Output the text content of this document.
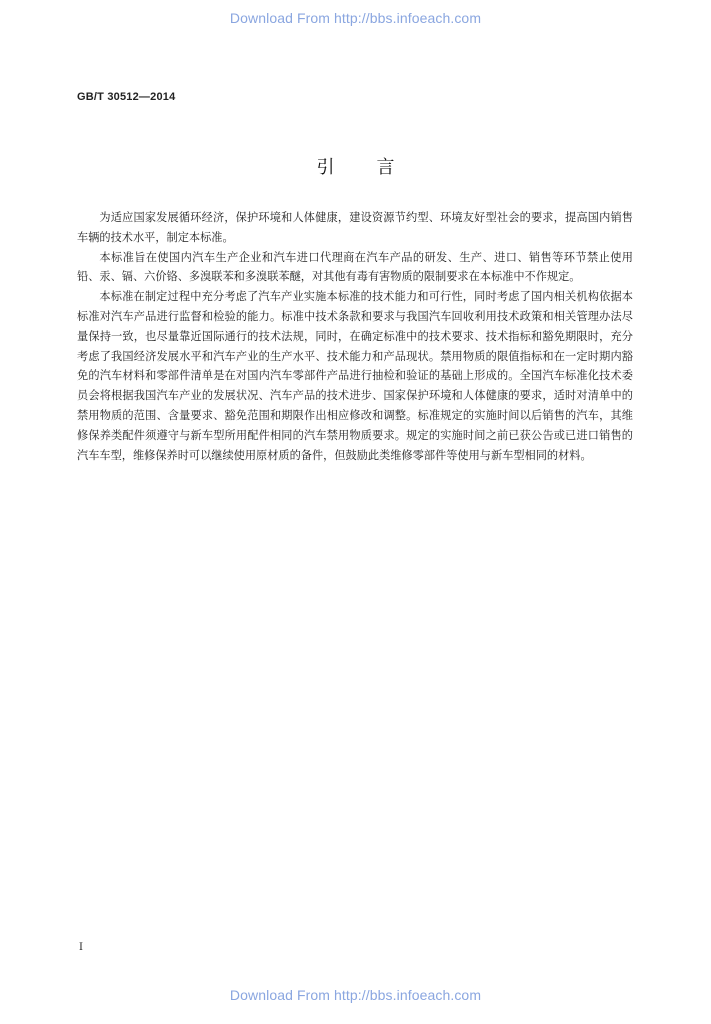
Download From http://bbs.infoeach.com
GB/T 30512—2014
引言

为适应国家发展循环经济，保护环境和人体健康，建设资源节约型、环境友好型社会的要求，提高国内销售车辆的技术水平，制定本标准。

本标准旨在使国内汽车生产企业和汽车进口代理商在汽车产品的研发、生产、进口、销售等环节禁止使用铅、汞、镉、六价铬、多溴联苯和多溴联苯醚，对其他有毒有害物质的限制要求在本标准中不作规定。

本标准在制定过程中充分考虑了汽车产业实施本标准的技术能力和可行性，同时考虑了国内相关机构依据本标准对汽车产品进行监督和检验的能力。标准中技术条款和要求与我国汽车回收利用技术政策和相关管理办法尽量保持一致，也尽量靠近国际通行的技术法规，同时，在确定标准中的技术要求、技术指标和豁免期限时，充分考虑了我国经济发展水平和汽车产业的生产水平、技术能力和产品现状。禁用物质的限值指标和在一定时期内豁免的汽车材料和零部件清单是在对国内汽车零部件产品进行抽检和验证的基础上形成的。全国汽车标准化技术委员会将根据我国汽车产业的发展状况、汽车产品的技术进步、国家保护环境和人体健康的要求，适时对清单中的禁用物质的范围、含量要求、豁免范围和期限作出相应修改和调整。标准规定的实施时间以后销售的汽车，其维修保养类配件须遵守与新车型所用配件相同的汽车禁用物质要求。规定的实施时间之前已获公告或已进口销售的汽车车型，维修保养时可以继续使用原材质的备件，但鼓励此类维修零部件等使用与新车型相同的材料。

Ⅰ
Download From http://bbs.infoeach.com
